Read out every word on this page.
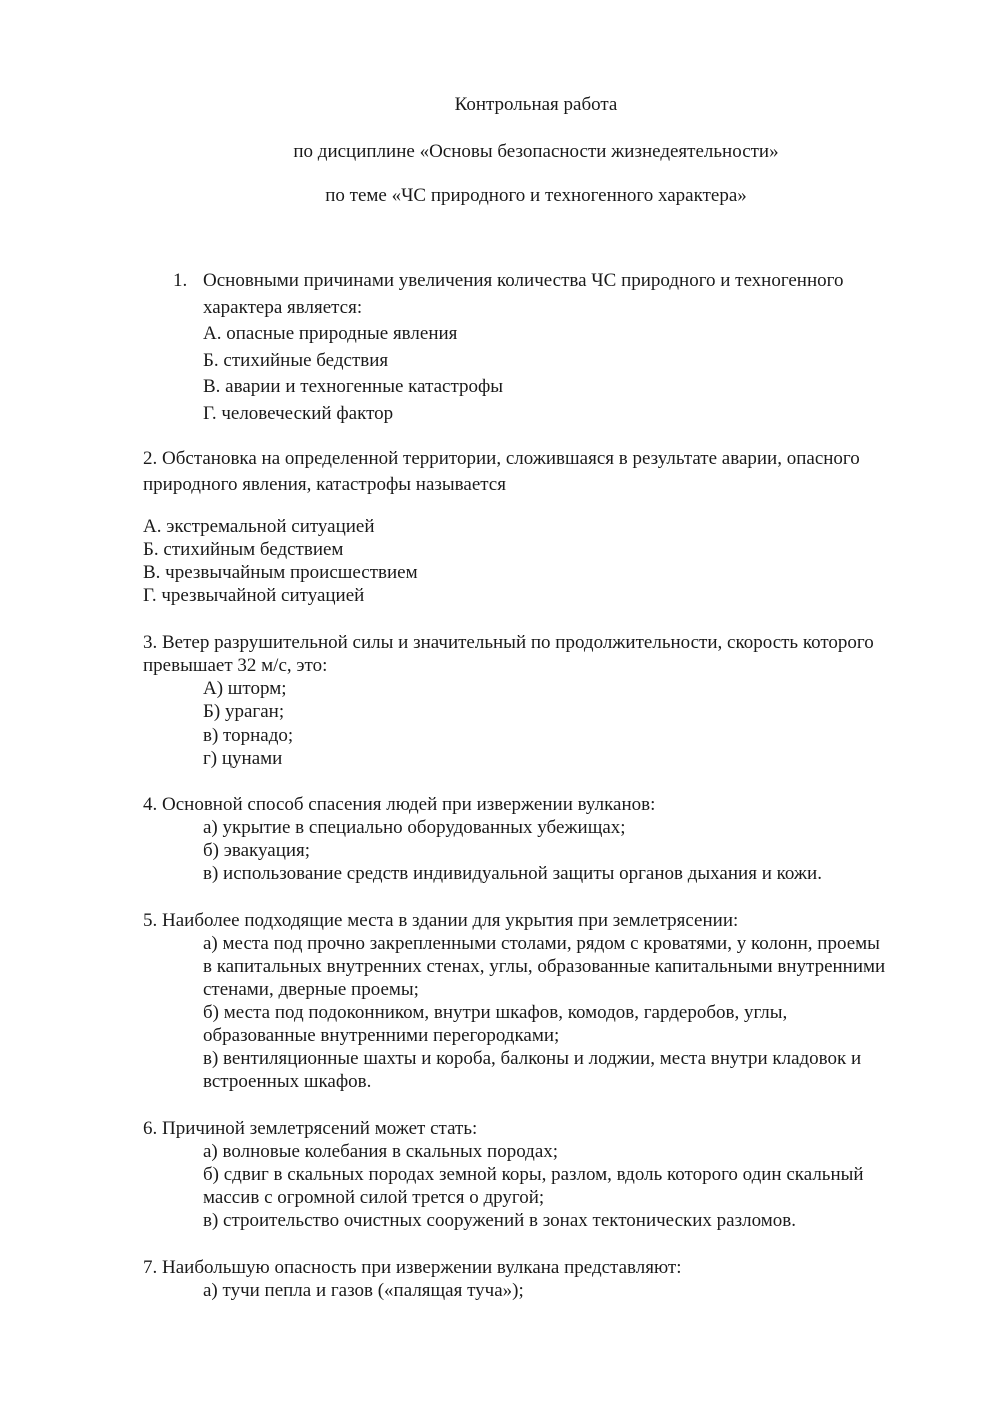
Контрольная работа
по дисциплине «Основы безопасности жизнедеятельности»
по теме «ЧС природного и техногенного характера»
1. Основными причинами увеличения количества ЧС природного и техногенного
характера является:
А. опасные природные явления
Б. стихийные бедствия
В. аварии и техногенные катастрофы
Г. человеческий фактор
2. Обстановка на определенной территории, сложившаяся в результате аварии, опасного
природного явления, катастрофы называется
А. экстремальной ситуацией
Б. стихийным бедствием
В. чрезвычайным происшествием
Г. чрезвычайной ситуацией
3. Ветер разрушительной силы и значительный по продолжительности, скорость которого
превышает 32 м/с, это:
А) шторм;
Б) ураган;
в) торнадо;
г) цунами
4. Основной способ спасения людей при извержении вулканов:
а) укрытие в специально оборудованных убежищах;
б) эвакуация;
в) использование средств индивидуальной защиты органов дыхания и кожи.
5. Наиболее подходящие места в здании для укрытия при землетрясении:
а) места под прочно закрепленными столами, рядом с кроватями, у колонн, проемы
в капитальных внутренних стенах, углы, образованные капитальными внутренними
стенами, дверные проемы;
б) места под подоконником, внутри шкафов, комодов, гардеробов, углы,
образованные внутренними перегородками;
в) вентиляционные шахты и короба, балконы и лоджии, места внутри кладовок и
встроенных шкафов.
6. Причиной землетрясений может стать:
а) волновые колебания в скальных породах;
б) сдвиг в скальных породах земной коры, разлом, вдоль которого один скальный
массив с огромной силой трется о другой;
в) строительство очистных сооружений в зонах тектонических разломов.
7. Наибольшую опасность при извержении вулкана представляют:
а) тучи пепла и газов («палящая туча»);
